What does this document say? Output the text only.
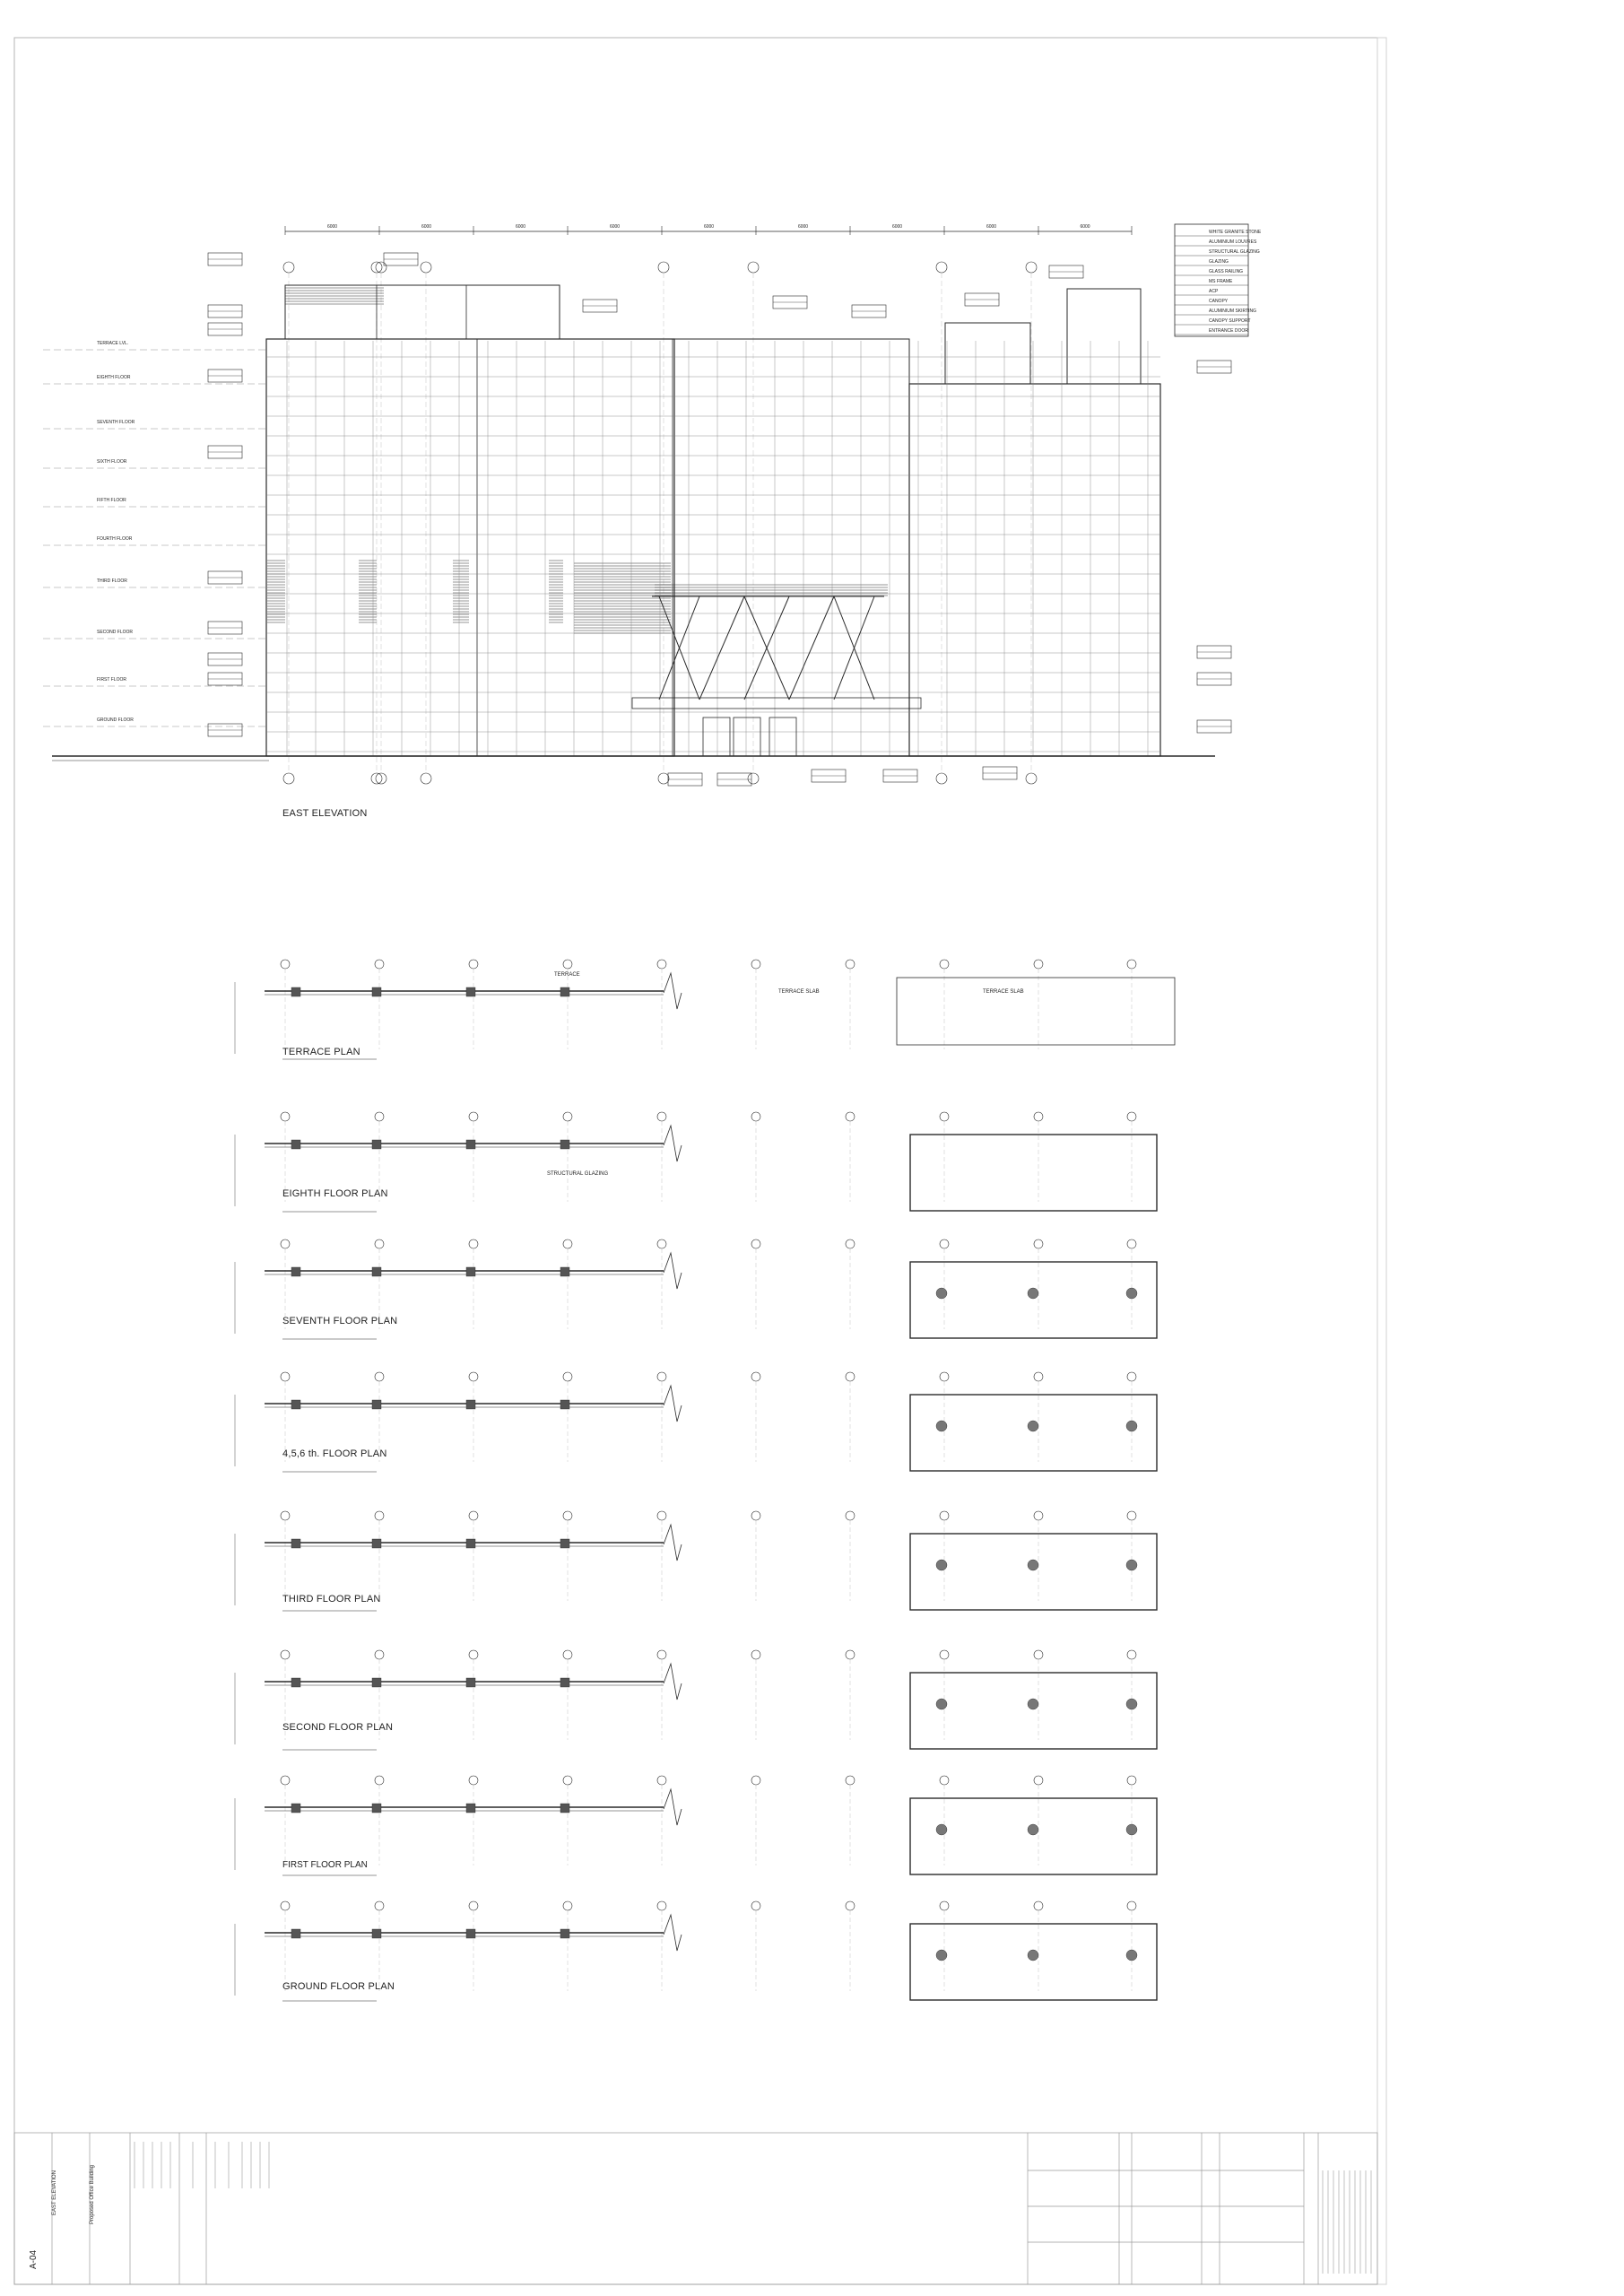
6000	6000	6000	6000	6000	6000	6000	6000	6000
TERRACE LVL.
EIGHTH FLOOR
SEVENTH FLOOR
SIXTH FLOOR
FIFTH FLOOR
FOURTH FLOOR
THIRD FLOOR
SECOND FLOOR
FIRST FLOOR
GROUND FLOOR
WHITE GRANITE STONE
ALUMINIUM LOUVRES
STRUCTURAL GLAZING
GLAZING
GLASS RAILING
MS FRAME
ACP
CANOPY
ALUMINIUM SKIRTING
CANOPY SUPPORT
ENTRANCE DOOR
EAST ELEVATION
TERRACE PLAN
EIGHTH FLOOR PLAN
SEVENTH FLOOR PLAN
4,5,6 th. FLOOR PLAN
THIRD FLOOR PLAN
SECOND FLOOR PLAN
FIRST FLOOR PLAN
GROUND FLOOR PLAN
TERRACE SLAB	TERRACE SLAB
TERRACE
STRUCTURAL GLAZING
EAST ELEVATION	Proposed Office Building
A-04
